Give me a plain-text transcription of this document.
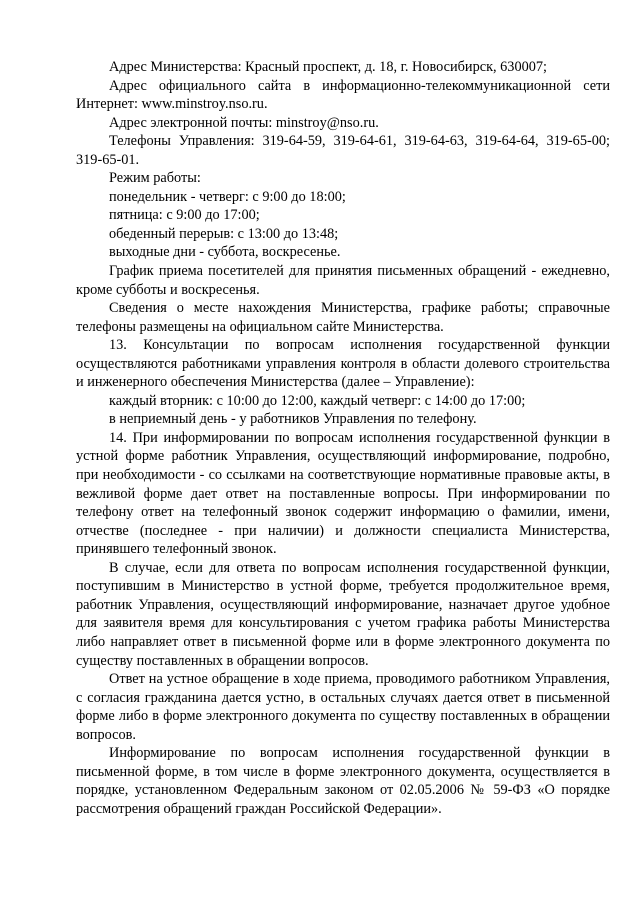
Адрес Министерства: Красный проспект, д. 18, г. Новосибирск, 630007;

Адрес официального сайта в информационно-телекоммуникационной сети Интернет: www.minstroy.nso.ru.

Адрес электронной почты: minstroy@nso.ru.

Телефоны Управления: 319-64-59, 319-64-61, 319-64-63, 319-64-64, 319-65-00; 319-65-01.

Режим работы:

понедельник - четверг: с 9:00 до 18:00;

пятница: с 9:00 до 17:00;

обеденный перерыв: с 13:00 до 13:48;

выходные дни - суббота, воскресенье.

График приема посетителей для принятия письменных обращений - ежедневно, кроме субботы и воскресенья.

Сведения о месте нахождения Министерства, графике работы; справочные телефоны размещены на официальном сайте Министерства.

13. Консультации по вопросам исполнения государственной функции осуществляются работниками управления контроля в области долевого строительства и инженерного обеспечения Министерства (далее – Управление):

каждый вторник: с 10:00 до 12:00, каждый четверг: с 14:00 до 17:00;

в неприемный день - у работников Управления по телефону.

14. При информировании по вопросам исполнения государственной функции в устной форме работник Управления, осуществляющий информирование, подробно, при необходимости - со ссылками на соответствующие нормативные правовые акты, в вежливой форме дает ответ на поставленные вопросы. При информировании по телефону ответ на телефонный звонок содержит информацию о фамилии, имени, отчестве (последнее - при наличии) и должности специалиста Министерства, принявшего телефонный звонок.

В случае, если для ответа по вопросам исполнения государственной функции, поступившим в Министерство в устной форме, требуется продолжительное время, работник Управления, осуществляющий информирование, назначает другое удобное для заявителя время для консультирования с учетом графика работы Министерства либо направляет ответ в письменной форме или в форме электронного документа по существу поставленных в обращении вопросов.

Ответ на устное обращение в ходе приема, проводимого работником Управления, с согласия гражданина дается устно, в остальных случаях дается ответ в письменной форме либо в форме электронного документа по существу поставленных в обращении вопросов.

Информирование по вопросам исполнения государственной функции в письменной форме, в том числе в форме электронного документа, осуществляется в порядке, установленном Федеральным законом от 02.05.2006 № 59-ФЗ «О порядке рассмотрения обращений граждан Российской Федерации».
